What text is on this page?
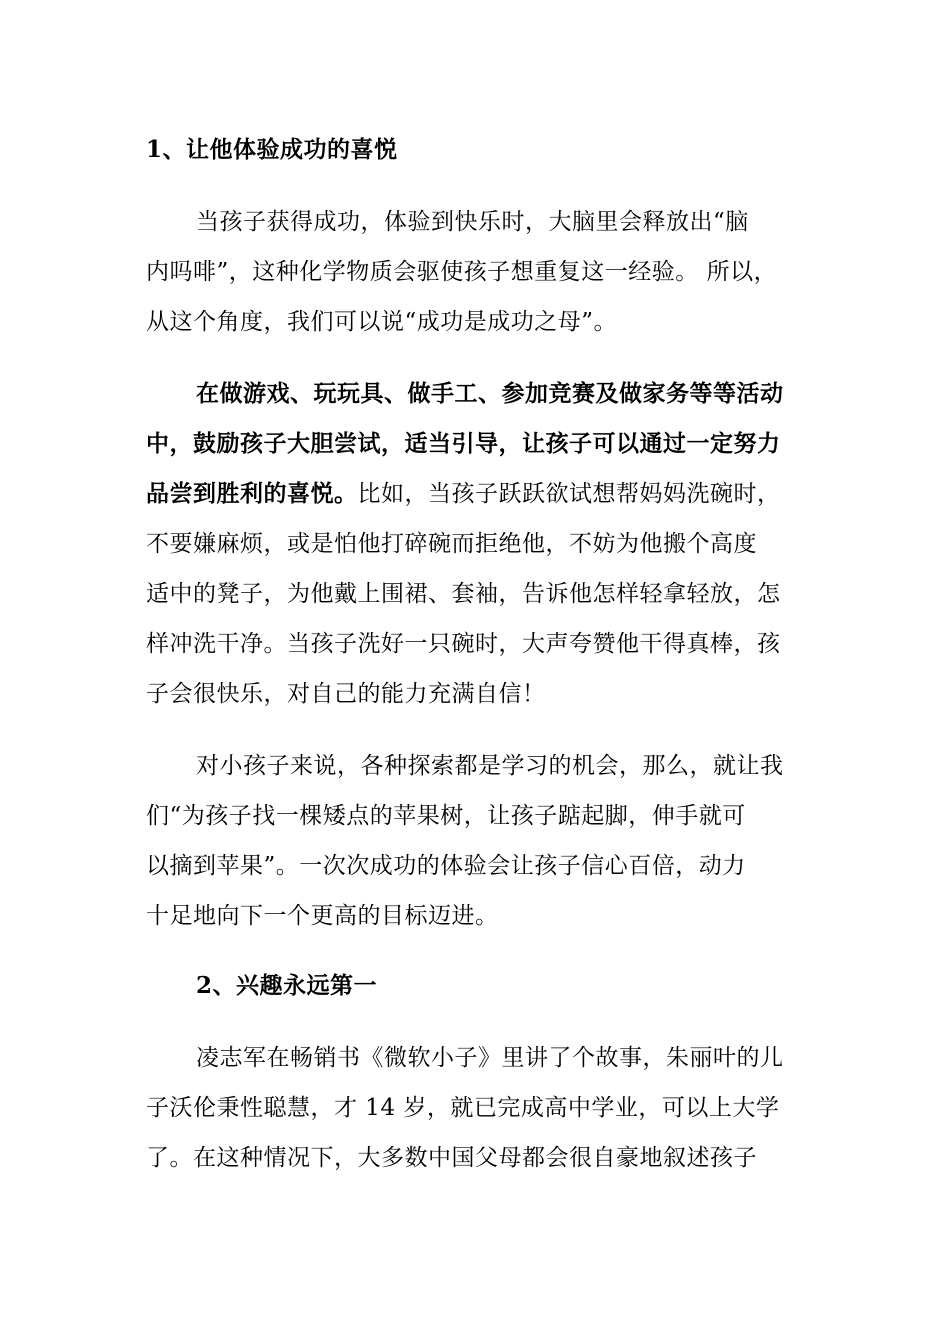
1、让他体验成功的喜悦
当孩子获得成功，体验到快乐时，大脑里会释放出“脑
内吗啡”，这种化学物质会驱使孩子想重复这一经验。 所以，
从这个角度，我们可以说“成功是成功之母”。
在做游戏、玩玩具、做手工、参加竞赛及做家务等等活动
中，鼓励孩子大胆尝试，适当引导，让孩子可以通过一定努力
品尝到胜利的喜悦。比如，当孩子跃跃欲试想帮妈妈洗碗时，
不要嫌麻烦，或是怕他打碎碗而拒绝他，不妨为他搬个高度
适中的凳子，为他戴上围裙、套袖，告诉他怎样轻拿轻放，怎
样冲洗干净。当孩子洗好一只碗时，大声夸赞他干得真棒，孩
子会很快乐，对自己的能力充满自信！
对小孩子来说，各种探索都是学习的机会，那么，就让我
们“为孩子找一棵矮点的苹果树，让孩子踮起脚，伸手就可
以摘到苹果”。一次次成功的体验会让孩子信心百倍，动力
十足地向下一个更高的目标迈进。
2、兴趣永远第一
凌志军在畅销书《微软小子》里讲了个故事，朱丽叶的儿
子沃伦秉性聪慧，才 14 岁，就已完成高中学业，可以上大学
了。在这种情况下，大多数中国父母都会很自豪地叙述孩子
